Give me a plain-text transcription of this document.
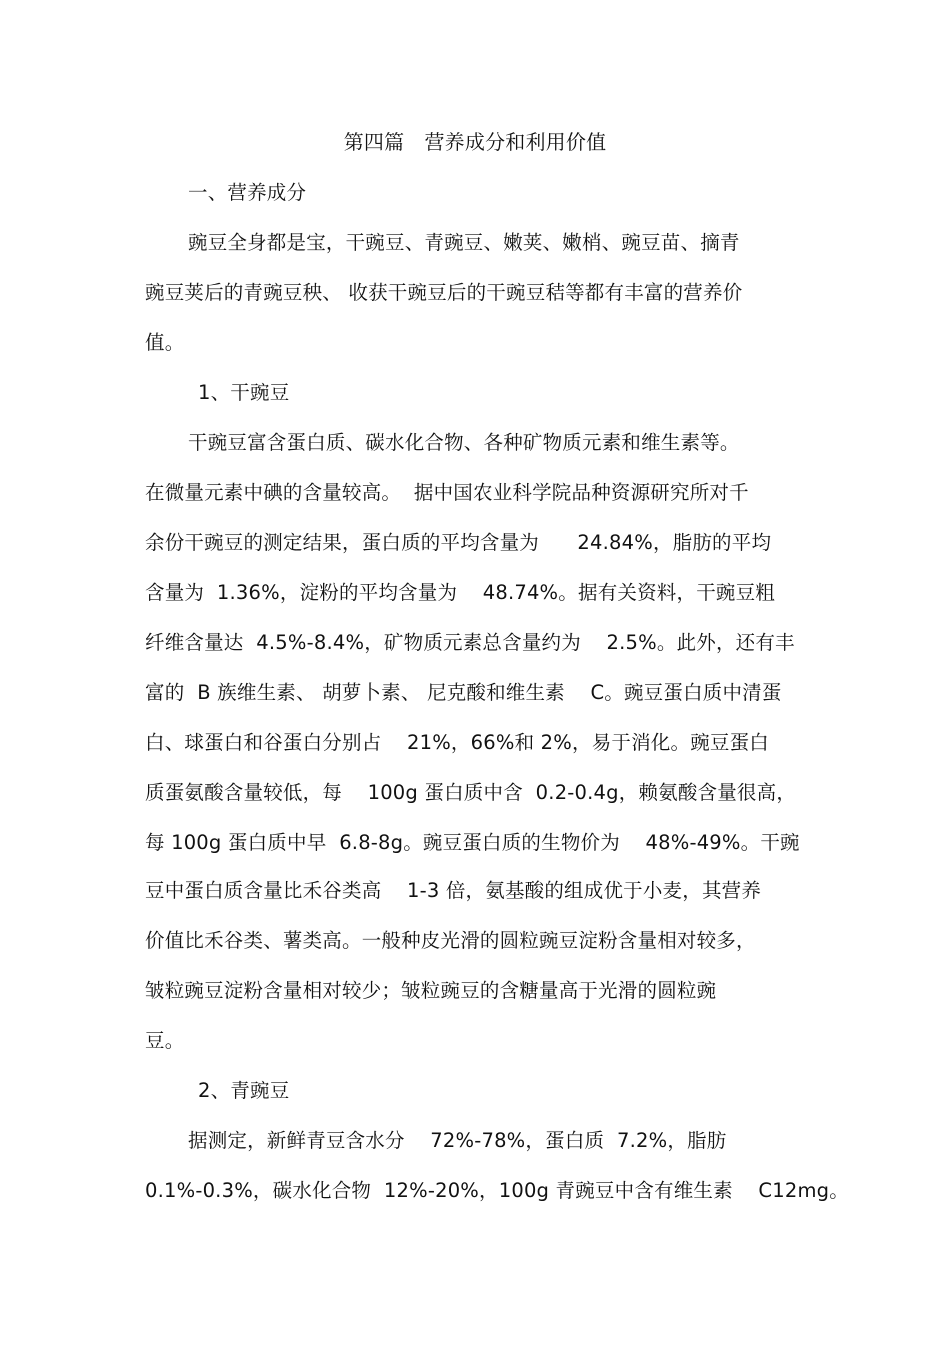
第四篇　营养成分和利用价值
一、营养成分
豌豆全身都是宝，干豌豆、青豌豆、嫩荚、嫩梢、豌豆苗、摘青
豌豆荚后的青豌豆秧、 收获干豌豆后的干豌豆秸等都有丰富的营养价
值。
1、干豌豆
干豌豆富含蛋白质、碳水化合物、各种矿物质元素和维生素等。
在微量元素中碘的含量较高。  据中国农业科学院品种资源研究所对千
余份干豌豆的测定结果，蛋白质的平均含量为      24.84%，脂肪的平均
含量为  1.36%，淀粉的平均含量为    48.74%。据有关资料，干豌豆粗
纤维含量达  4.5%-8.4%，矿物质元素总含量约为    2.5%。此外，还有丰
富的  B 族维生素、 胡萝卜素、 尼克酸和维生素    C。豌豆蛋白质中清蛋
白、球蛋白和谷蛋白分别占    21%，66%和 2%，易于消化。豌豆蛋白
质蛋氨酸含量较低，每    100g 蛋白质中含  0.2-0.4g，赖氨酸含量很高，
每 100g 蛋白质中早  6.8-8g。豌豆蛋白质的生物价为    48%-49%。干豌
豆中蛋白质含量比禾谷类高    1-3 倍，氨基酸的组成优于小麦，其营养
价值比禾谷类、薯类高。一般种皮光滑的圆粒豌豆淀粉含量相对较多，
皱粒豌豆淀粉含量相对较少；皱粒豌豆的含糖量高于光滑的圆粒豌
豆。
2、青豌豆
据测定，新鲜青豆含水分    72%-78%，蛋白质  7.2%，脂肪
0.1%-0.3%，碳水化合物  12%-20%，100g 青豌豆中含有维生素    C12mg。
